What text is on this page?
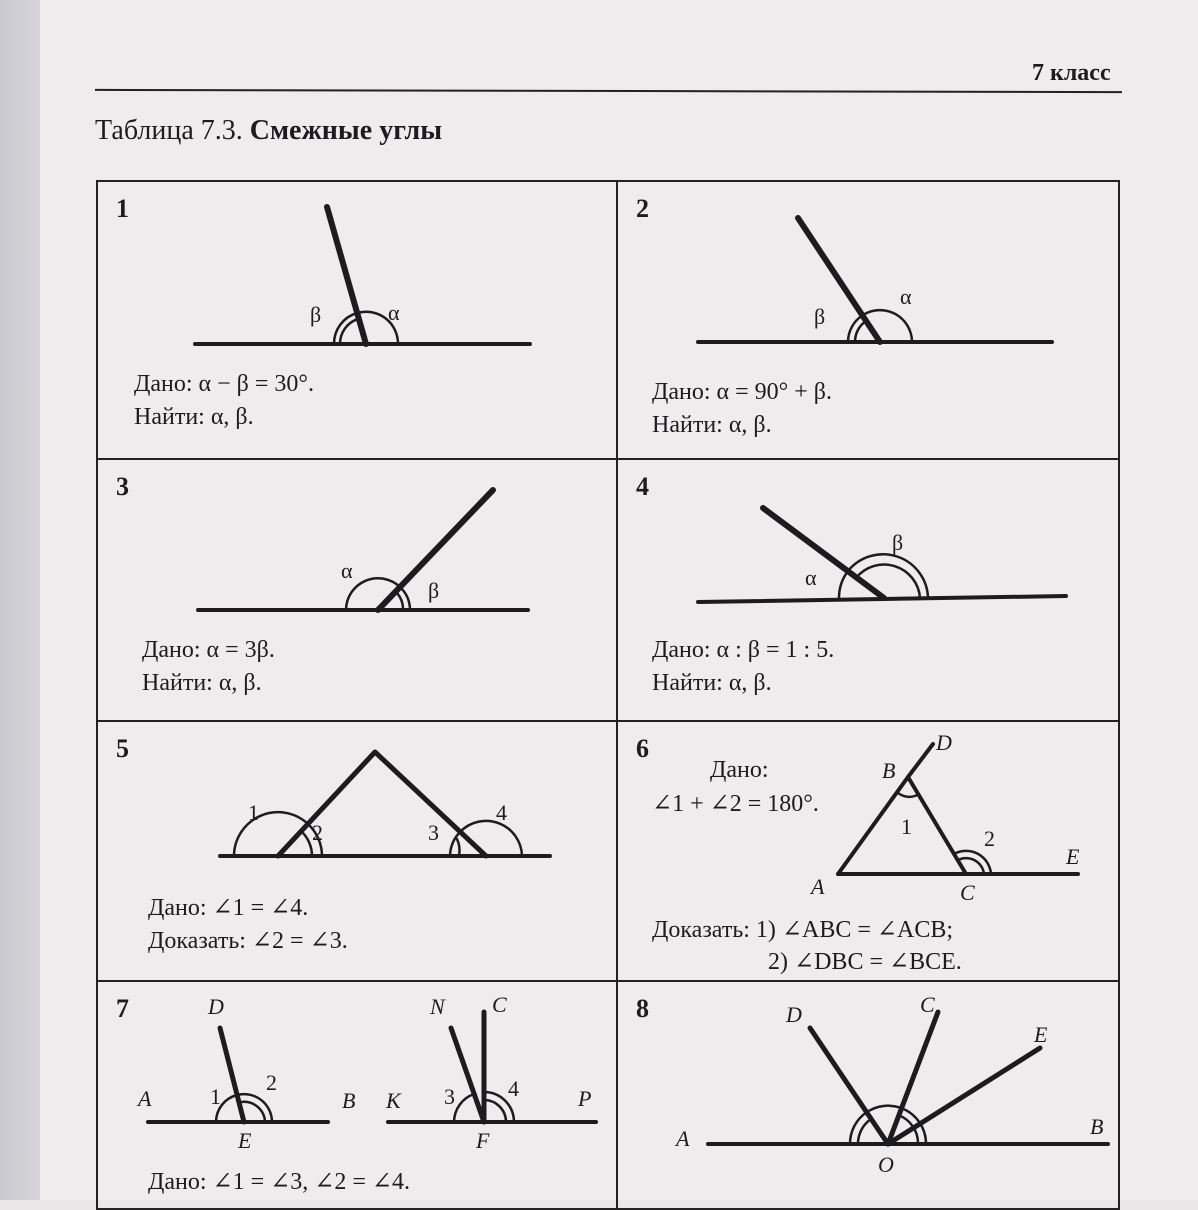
7 класс
Таблица 7.3. Смежные углы
1
β	α
Дано: α − β = 30°.
Найти: α, β.
2
β
α
Дано: α = 90° + β.
Найти: α, β.
3
α
β
Дано: α = 3β.
Найти: α, β.
4
α
β
Дано: α : β = 1 : 5.
Найти: α, β.
5
1
2	3
4
Дано: ∠1 = ∠4.
Доказать: ∠2 = ∠3.
6
Дано:
∠1 + ∠2 = 180°.
D
B
1	2
E
A	C
Доказать: 1) ∠ABC = ∠ACB;
2) ∠DBC = ∠BCE.
7	D
A	1
2
B
E
N C
K 3 4	P
F
Дано: ∠1 = ∠3, ∠2 = ∠4.
8	D	C
E
A	B
O
